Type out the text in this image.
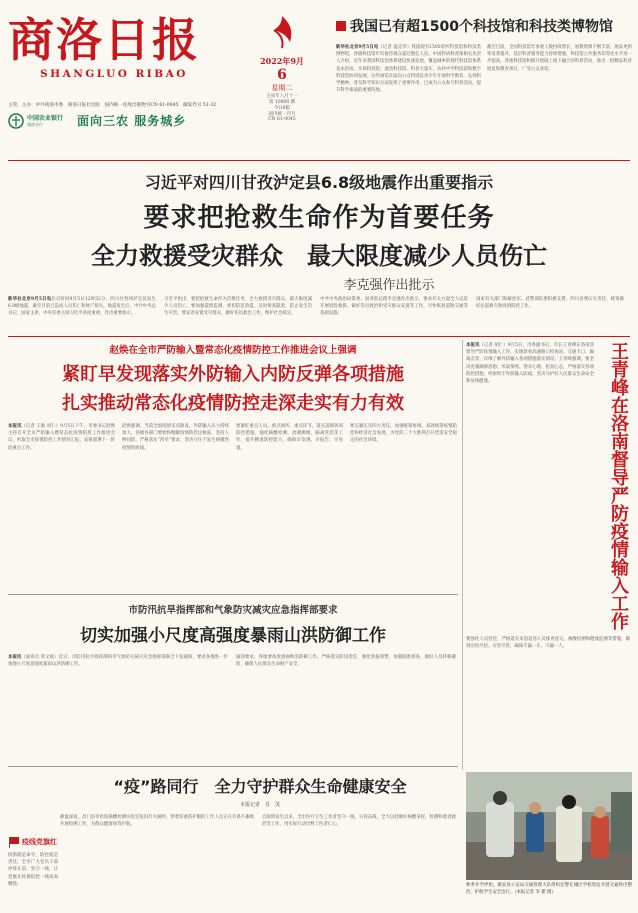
商洛日报
SHANGLUO RIBAO
主管、主办：中共商洛市委　商洛日报社出版　国内统一连续出版物号CN 61-0045　邮发代号 51-32
2022年9月
6
星期二
壬寅年八月十一
第 10068 期
今日8版
国内统一刊号
CN 61-0045
中国农业银行
商洛分行	面向三农 服务城乡
我国已有超1500个科技馆和科技类博物馆
新华社北京9月5日电（记者 温竞华）我国现有1500余所科技馆和科技类博物馆，各级科技馆年均接待观众超过数亿人次。中国科协科普部相关负责人介绍，近年来我国科技馆体系建设快速发展，覆盖城乡的现代科技馆体系基本形成，实体科技馆、流动科技馆、科普大篷车、农村中学科技馆和数字科技馆协同发展。这些场馆在面向公众特别是青少年开展科学教育、弘扬科学精神、普及科学知识方面发挥了重要作用，已成为公众参与科普活动、提升科学素质的重要阵地。
截至目前，全国科技馆年参观人数持续增长，展教资源不断丰富，展品更新率显著提升，基层科普服务能力持续增强，科技馆公共服务均等化水平进一步提高。各地科技馆积极开展线上线下融合的科普活动，推出一批精品科普展览和教育项目，广受公众欢迎。
习近平对四川甘孜泸定县6.8级地震作出重要指示
要求把抢救生命作为首要任务
全力救援受灾群众　最大限度减少人员伤亡
李克强作出批示
新华社北京9月5日电北京时间9月5日12时52分，四川甘孜州泸定县发生6.8级地震，截至目前已造成人员伤亡和财产损失。地震发生后，中共中央总书记、国家主席、中央军委主席习近平高度重视，作出重要指示。
习近平指出，要把抢救生命作为首要任务，全力救援受灾群众，最大限度减少人员伤亡。要加强震情监测，密切防范余震，及时排查隐患，防止发生次生灾害。要妥善安置受灾群众，做好伤员救治工作，维护社会稳定。
中共中央政治局常委、国务院总理李克强作出批示，要求有关方面全力以赴开展抢险救援，做好伤员救治和受灾群众安置等工作，尽快恢复道路交通等基础设施。
国家有关部门和解放军、武警部队要积极支援，四川省要压实责任，统筹做好抗震救灾和疫情防控工作。
赵焕在全市严防输入暨常态化疫情防控工作推进会议上强调
紧盯早发现落实外防输入内防反弹各项措施
扎实推动常态化疫情防控走深走实有力有效
本报讯（记者 王敏 胡仁）9月5日下午，市委书记赵焕主持召开全市严防输入暨常态化疫情防控工作推进会议，听取全市疫情防控工作情况汇报，安排部署下一阶段重点工作。
赵焕强调，当前全国疫情多点散发，外防输入压力持续加大，各级各部门要始终绷紧疫情防控这根弦，坚持人物同防，严格落实“四早”要求，坚决守住不发生规模性疫情的底线。
要紧盯重点人员、重点场所、重点环节，落实落细各项防控措施，强化核酸检测、流调溯源、隔离管控等工作，提升精准防控能力，确保早发现、早报告、早处置。
要压紧压实四方责任，加强统筹协调，高效统筹疫情防控和经济社会发展，为党的二十大胜利召开营造安全稳定的社会环境。
本报讯（记者 胡仁）9月5日，市委副书记、市长王青峰在洛南县督导严防疫情输入工作，实地察看高速路口检查站、交通卡口、隔离点等，详细了解外防输入各项措施落实情况。王青峰强调，要坚决克服麻痹思想、厌战情绪、侥幸心理、松劲心态，严格落实各项防控措施，织密织牢外防输入防线，坚决守护好人民群众生命安全和身体健康。	王青峰在洛南督导严防疫情输入工作
要强化人员管控，严格落实来洛返洛人员排查登记、核酸检测和健康监测等措施，做到应检尽检、应管尽管，确保不漏一车、不漏一人。
市防汛抗旱指挥部和气象防灾减灾应急指挥部要求
切实加强小尺度高强度暴雨山洪防御工作
本报讯（通讯员 常文斌）近日，市防汛抗旱指挥部和市气象防灾减灾应急指挥部联合下发通知，要求各地进一步加强小尺度高强度暴雨山洪防御工作。
通知要求，各地要高度重视秋汛防御工作，严格落实防汛责任，强化预报预警，加强隐患排查，做好人员转移避险，确保人民群众生命财产安全。
“疫”路同行　全力守护群众生命健康安全
本报记者　肖　茂
静谧深夜，昌门县市医院核酸检测实验室依旧灯火通明，穿着厚重防护服的工作人员正在有条不紊地开展检测工作，为群众健康保驾护航。
自疫情发生以来，全市医疗卫生工作者坚守一线、日夜奋战，全力以赴做好核酸采样、检测和患者救治等工作，用实际行动诠释了医者仁心。
疫线党旗红
疫情就是命令，防控就是责任。全市广大党员干部冲锋在前，坚守一线，让党旗在疫情防控一线高高飘扬。	秋季开学伊始，镇安县公安局交通管理大队组织民警在城区学校周边开展交通秩序整治，护航学生安全出行。（本报记者 李 建 摄）
